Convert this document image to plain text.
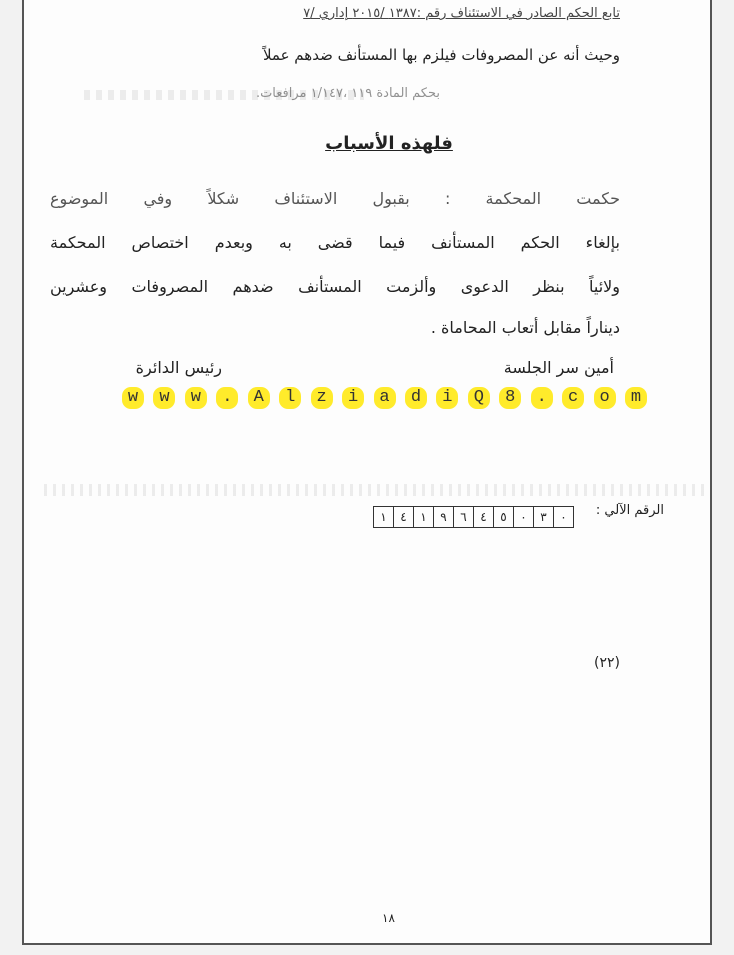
تابع الحكم الصادر في الاستئناف رقم :١٣٨٧ /٢٠١٥ إداري /٧
وحيث أنه عن المصروفات فيلزم بها المستأنف ضدهم عملاً
بحكم المادة ١١٩ ،١/١٤٧ مرافعات.
فلهذه الأسباب
حكمت المحكمة : بقبول الاستئناف شكلاً وفي الموضوع
بإلغاء الحكم المستأنف فيما قضى به وبعدم اختصاص المحكمة
ولائياً بنظر الدعوى وألزمت المستأنف ضدهم المصروفات وعشرين
ديناراً مقابل أتعاب المحاماة .
رئيس الدائرة	أمين سر الجلسة
w	w	w	.	A	l	z	i	a	d	i	Q	8	.	c	o	m
الرقم الآلي :
٠
٣
٠
٥
٤
٦
٩
١
٤
١
(٢٢)
١٨
